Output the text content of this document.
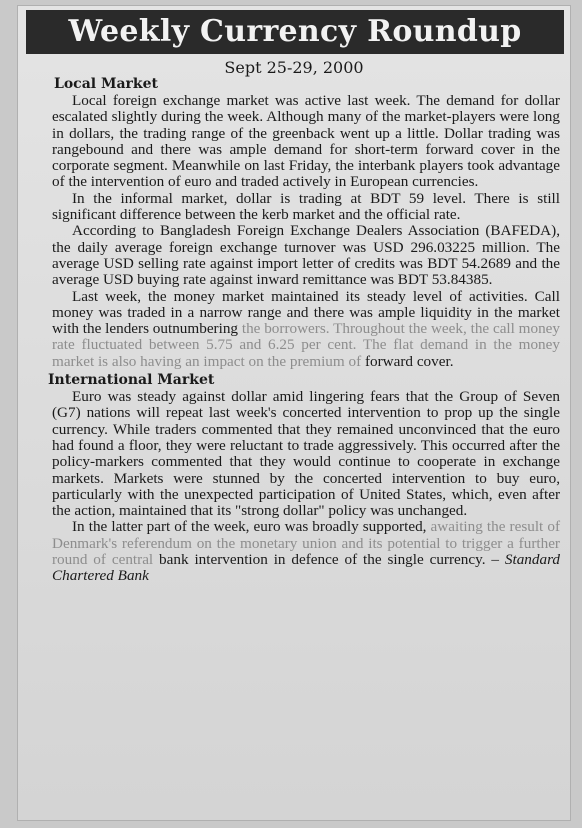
Weekly Currency Roundup
Sept 25-29, 2000
Local Market

Local foreign exchange market was active last week. The demand for dollar escalated slightly during the week. Although many of the market-players were long in dollars, the trading range of the greenback went up a little. Dollar trading was rangebound and there was ample demand for short-term forward cover in the corporate segment. Meanwhile on last Friday, the interbank players took advantage of the intervention of euro and traded actively in European currencies.

In the informal market, dollar is trading at BDT 59 level. There is still significant difference between the kerb market and the official rate.

According to Bangladesh Foreign Exchange Dealers Association (BAFEDA), the daily average foreign exchange turnover was USD 296.03225 million. The average USD selling rate against import letter of credits was BDT 54.2689 and the average USD buying rate against inward remittance was BDT 53.84385.

Last week, the money market maintained its steady level of activities. Call money was traded in a narrow range and there was ample liquidity in the market with the lenders outnumbering the borrowers. Throughout the week, the call money rate fluctuated between 5.75 and 6.25 per cent. The flat demand in the money market is also having an impact on the premium of forward cover.

International Market

Euro was steady against dollar amid lingering fears that the Group of Seven (G7) nations will repeat last week's concerted intervention to prop up the single currency. While traders commented that they remained unconvinced that the euro had found a floor, they were reluctant to trade aggressively. This occurred after the policy-markers commented that they would continue to cooperate in exchange markets. Markets were stunned by the concerted intervention to buy euro, particularly with the unexpected participation of United States, which, even after the action, maintained that its "strong dollar" policy was unchanged.

In the latter part of the week, euro was broadly supported, awaiting the result of Denmark's referendum on the monetary union and its potential to trigger a further round of central bank intervention in defence of the single currency. – Standard Chartered Bank
